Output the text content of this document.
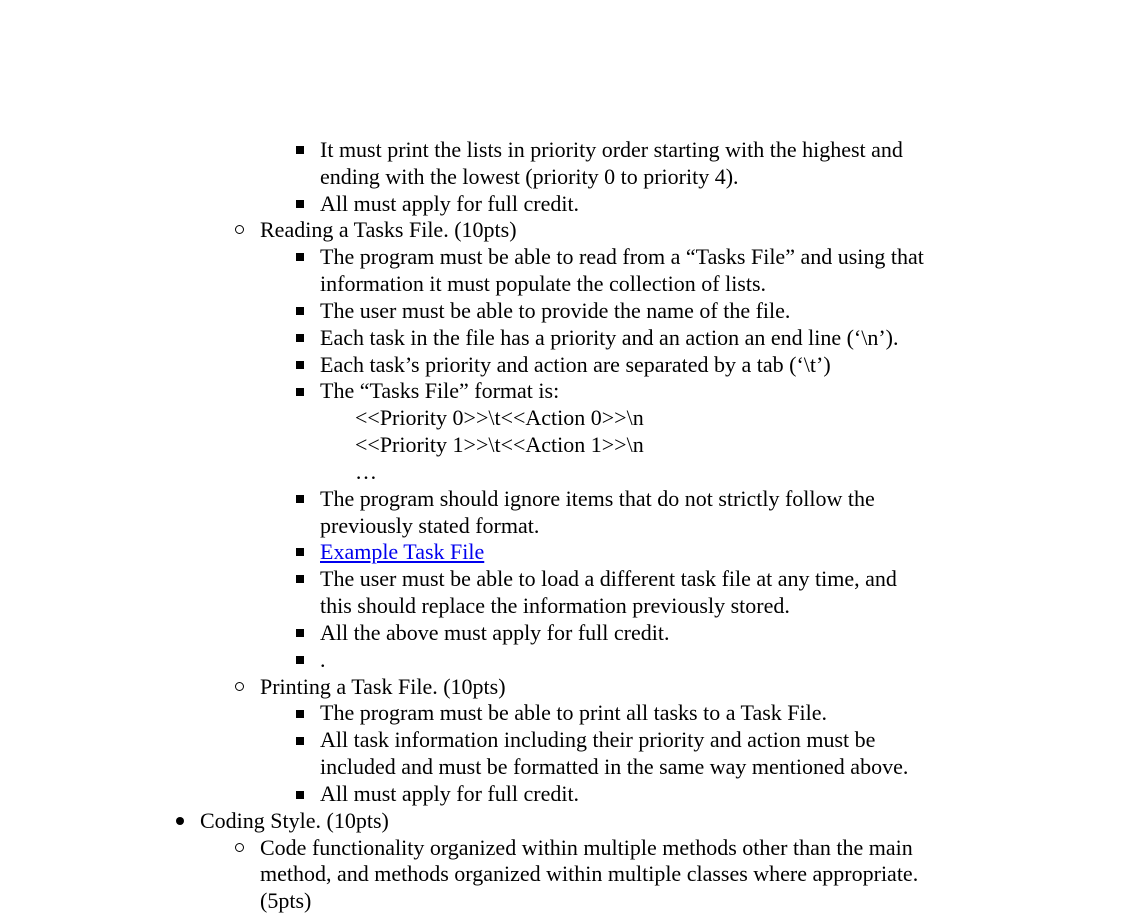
It must print the lists in priority order starting with the highest and

ending with the lowest (priority 0 to priority 4).

All must apply for full credit.

Reading a Tasks File. (10pts)

The program must be able to read from a “Tasks File” and using that

information it must populate the collection of lists.

The user must be able to provide the name of the file.

Each task in the file has a priority and an action an end line (‘\n’).

Each task’s priority and action are separated by a tab (‘\t’)

The “Tasks File” format is:

<<Priority 0>>\t<<Action 0>>\n

<<Priority 1>>\t<<Action 1>>\n

…

The program should ignore items that do not strictly follow the

previously stated format.

Example Task File

The user must be able to load a different task file at any time, and

this should replace the information previously stored.

All the above must apply for full credit.

.

Printing a Task File. (10pts)

The program must be able to print all tasks to a Task File.

All task information including their priority and action must be

included and must be formatted in the same way mentioned above.

All must apply for full credit.

Coding Style. (10pts)

Code functionality organized within multiple methods other than the main

method, and methods organized within multiple classes where appropriate.

(5pts)
